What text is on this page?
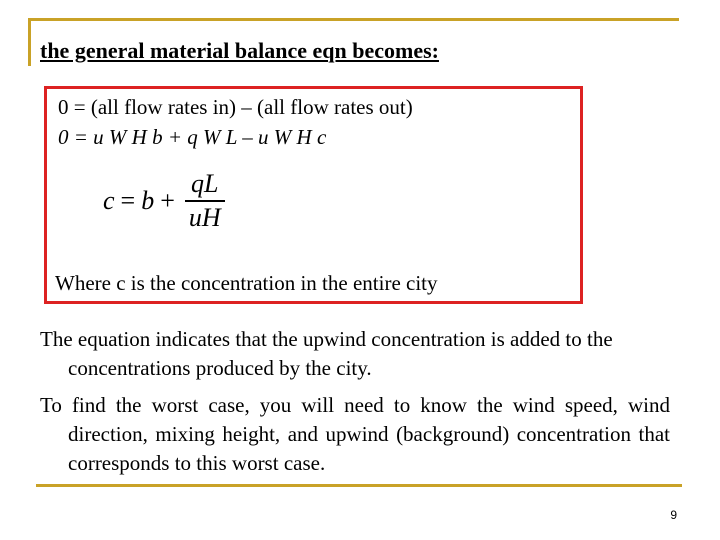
the general material balance eqn becomes:
0 = (all flow rates in) – (all flow rates out)
0 = u W H b + q W L – u W H c
$c = b + \frac{qL}{uH}$
Where c is the concentration in the entire city

The equation indicates that the upwind concentration is added to the concentrations produced by the city.

To find the worst case, you will need to know the wind speed, wind direction, mixing height, and upwind (background) concentration that corresponds to this worst case.

9
